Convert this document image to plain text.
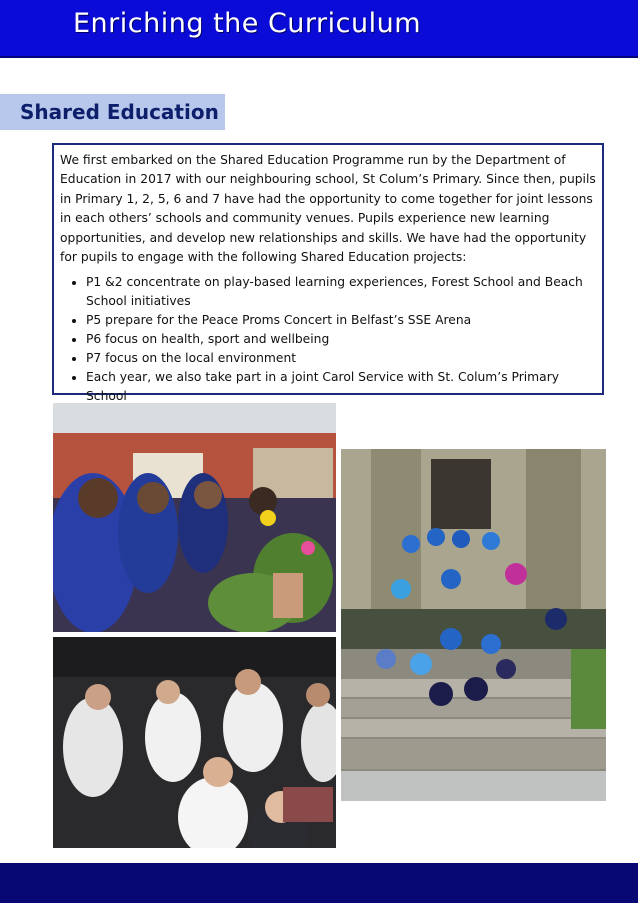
Enriching the Curriculum
Shared Education

We first embarked on the Shared Education Programme run by the Department of Education in 2017 with our neighbouring school, St Colum’s Primary. Since then, pupils in Primary 1, 2, 5, 6 and 7 have had the opportunity to come together for joint lessons in each others’ schools and community venues. Pupils experience new learning opportunities, and develop new relationships and skills. We have had the opportunity for pupils to engage with the following Shared Education projects:

• P1 &2 concentrate on play-based learning experiences, Forest School and Beach School initiatives
• P5 prepare for the Peace Proms Concert in Belfast’s SSE Arena
• P6 focus on health, sport and wellbeing
• P7 focus on the local environment
• Each year, we also take part in a joint Carol Service with St. Colum’s Primary School
